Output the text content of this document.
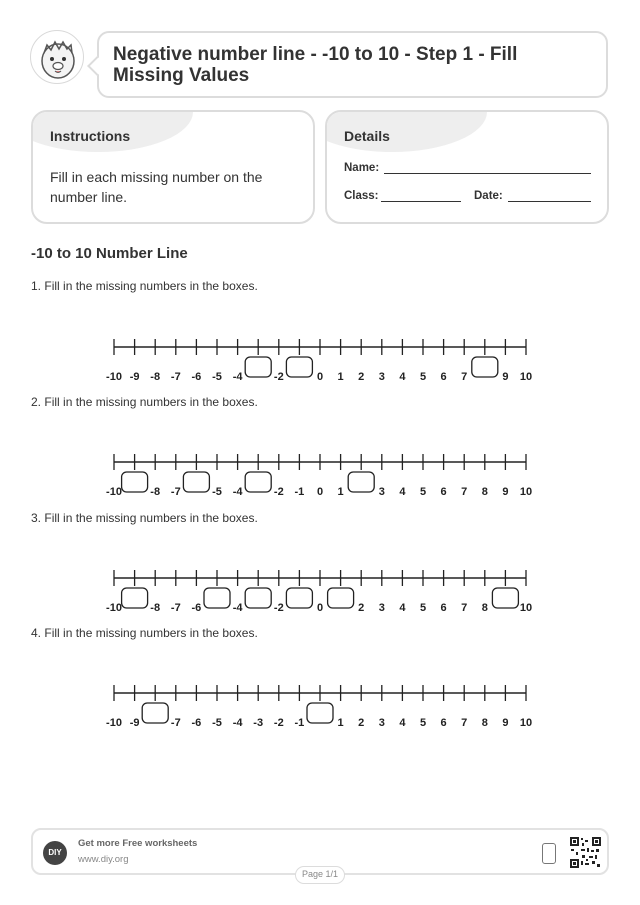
Negative number line - -10 to 10 - Step 1 - Fill Missing Values
Instructions
Fill in each missing number on the number line.
Details
Name:
Class:	Date:
-10 to 10 Number Line
1. Fill in the missing numbers in the boxes.
2. Fill in the missing numbers in the boxes.
3. Fill in the missing numbers in the boxes.
4. Fill in the missing numbers in the boxes.
-10 -9 -8 -7 -6 -5 -4	-2	0 1 2 3 4 5 6 7	9 10
-10	-8 -7	-5 -4	-2 -1 0 1	3 4 5 6 7 8 9 10
-10	-8 -7 -6	-4	-2	0	2 3 4 5 6 7 8	10
-10 -9	-7 -6 -5 -4 -3 -2 -1	1 2 3 4 5 6 7 8 9 10
DIY
Get more Free worksheets
www.diy.org
Page 1/1
